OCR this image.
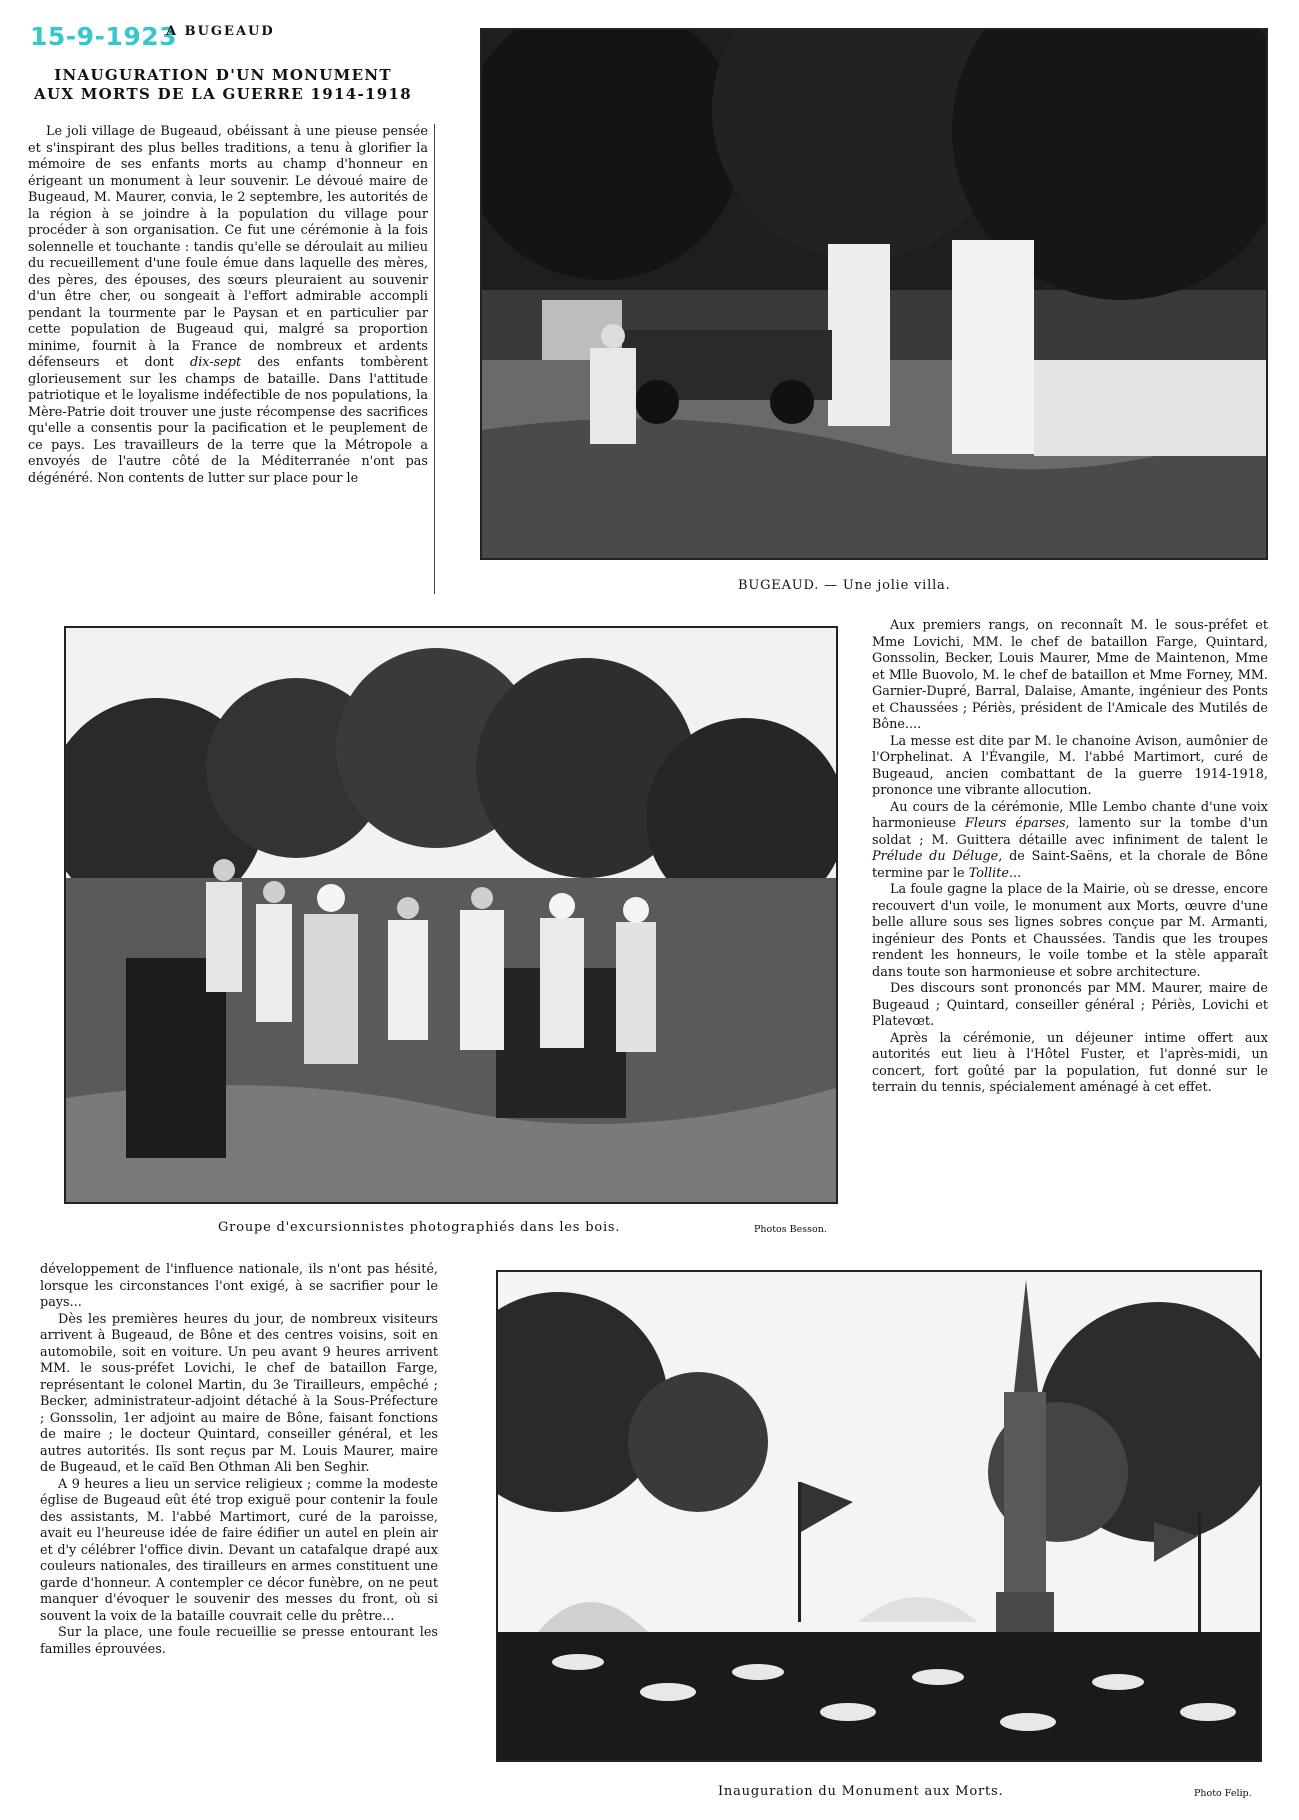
15-9-1923
A BUGEAUD
INAUGURATION D'UN MONUMENT
AUX MORTS DE LA GUERRE 1914-1918

Le joli village de Bugeaud, obéissant à une pieuse pensée et s'inspirant des plus belles traditions, a tenu à glorifier la mémoire de ses enfants morts au champ d'honneur en érigeant un monument à leur souvenir. Le dévoué maire de Bugeaud, M. Maurer, convia, le 2 septembre, les autorités de la région à se joindre à la population du village pour procéder à son organisation. Ce fut une cérémonie à la fois solennelle et touchante : tandis qu'elle se déroulait au milieu du recueillement d'une foule émue dans laquelle des mères, des pères, des épouses, des sœurs pleuraient au souvenir d'un être cher, ou songeait à l'effort admirable accompli pendant la tourmente par le Paysan et en particulier par cette population de Bugeaud qui, malgré sa proportion minime, fournit à la France de nombreux et ardents défenseurs et dont dix-sept des enfants tombèrent glorieusement sur les champs de bataille. Dans l'attitude patriotique et le loyalisme indéfectible de nos populations, la Mère-Patrie doit trouver une juste récompense des sacrifices qu'elle a consentis pour la pacification et le peuplement de ce pays. Les travailleurs de la terre que la Métropole a envoyés de l'autre côté de la Méditerranée n'ont pas dégénéré. Non contents de lutter sur place pour le

BUGEAUD. — Une jolie villa.
Groupe d'excursionnistes photographiés dans les bois.	Photos Besson.

Aux premiers rangs, on reconnaît M. le sous-préfet et Mme Lovichi, MM. le chef de bataillon Farge, Quintard, Gonssolin, Becker, Louis Maurer, Mme de Maintenon, Mme et Mlle Buovolo, M. le chef de bataillon et Mme Forney, MM. Garnier-Dupré, Barral, Dalaise, Amante, ingénieur des Ponts et Chaussées ; Périès, président de l'Amicale des Mutilés de Bône....

La messe est dite par M. le chanoine Avison, aumônier de l'Orphelinat. A l'Évangile, M. l'abbé Martimort, curé de Bugeaud, ancien combattant de la guerre 1914-1918, prononce une vibrante allocution.

Au cours de la cérémonie, Mlle Lembo chante d'une voix harmonieuse Fleurs éparses, lamento sur la tombe d'un soldat ; M. Guittera détaille avec infiniment de talent le Prélude du Déluge, de Saint-Saëns, et la chorale de Bône termine par le Tollite...

La foule gagne la place de la Mairie, où se dresse, encore recouvert d'un voile, le monument aux Morts, œuvre d'une belle allure sous ses lignes sobres conçue par M. Armanti, ingénieur des Ponts et Chaussées. Tandis que les troupes rendent les honneurs, le voile tombe et la stèle apparaît dans toute son harmonieuse et sobre architecture.

Des discours sont prononcés par MM. Maurer, maire de Bugeaud ; Quintard, conseiller général ; Périès, Lovichi et Platevœt.

Après la cérémonie, un déjeuner intime offert aux autorités eut lieu à l'Hôtel Fuster, et l'après-midi, un concert, fort goûté par la population, fut donné sur le terrain du tennis, spécialement aménagé à cet effet.

développement de l'influence nationale, ils n'ont pas hésité, lorsque les circonstances l'ont exigé, à se sacrifier pour le pays...

Dès les premières heures du jour, de nombreux visiteurs arrivent à Bugeaud, de Bône et des centres voisins, soit en automobile, soit en voiture. Un peu avant 9 heures arrivent MM. le sous-préfet Lovichi, le chef de bataillon Farge, représentant le colonel Martin, du 3e Tirailleurs, empêché ; Becker, administrateur-adjoint détaché à la Sous-Préfecture ; Gonssolin, 1er adjoint au maire de Bône, faisant fonctions de maire ; le docteur Quintard, conseiller général, et les autres autorités. Ils sont reçus par M. Louis Maurer, maire de Bugeaud, et le caïd Ben Othman Ali ben Seghir.

A 9 heures a lieu un service religieux ; comme la modeste église de Bugeaud eût été trop exiguë pour contenir la foule des assistants, M. l'abbé Martimort, curé de la paroisse, avait eu l'heureuse idée de faire édifier un autel en plein air et d'y célébrer l'office divin. Devant un catafalque drapé aux couleurs nationales, des tirailleurs en armes constituent une garde d'honneur. A contempler ce décor funèbre, on ne peut manquer d'évoquer le souvenir des messes du front, où si souvent la voix de la bataille couvrait celle du prêtre...

Sur la place, une foule recueillie se presse entourant les familles éprouvées.

Inauguration du Monument aux Morts.	Photo Felip.
